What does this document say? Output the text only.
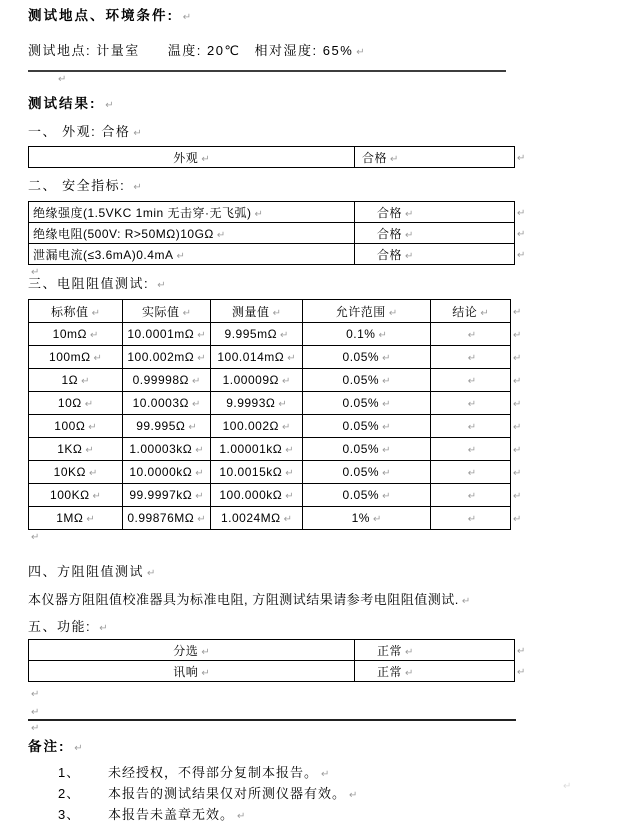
测试地点、环境条件: ↵
测试地点: 计量室 温度: 20℃ 相对湿度: 65% ↵
↵
测试结果: ↵
一、 外观: 合格 ↵
外观 ↵	合格 ↵
↵
二、 安全指标: ↵
绝缘强度(1.5VKC 1min 无击穿·无飞弧) ↵	合格 ↵
绝缘电阻(500V: R>50MΩ)10GΩ ↵	合格 ↵
泄漏电流(≤3.6mA)0.4mA ↵	合格 ↵
↵
↵
↵
↵
三、电阻阻值测试: ↵
标称值 ↵	实际值 ↵	测量值 ↵	允许范围 ↵	结论 ↵
10mΩ ↵	10.0001mΩ ↵	9.995mΩ ↵	0.1% ↵	↵
100mΩ ↵	100.002mΩ ↵	100.014mΩ ↵	0.05% ↵	↵
1Ω ↵	0.99998Ω ↵	1.00009Ω ↵	0.05% ↵	↵
10Ω ↵	10.0003Ω ↵	9.9993Ω ↵	0.05% ↵	↵
100Ω ↵	99.995Ω ↵	100.002Ω ↵	0.05% ↵	↵
1KΩ ↵	1.00003kΩ ↵	1.00001kΩ ↵	0.05% ↵	↵
10KΩ ↵	10.0000kΩ ↵	10.0015kΩ ↵	0.05% ↵	↵
100KΩ ↵	99.9997kΩ ↵	100.000kΩ ↵	0.05% ↵	↵
1MΩ ↵	0.99876MΩ ↵	1.0024MΩ ↵	1% ↵	↵
↵
↵
↵
↵
↵
↵
↵
↵
↵
↵
↵
四、方阻阻值测试 ↵
本仪器方阻阻值校准器具为标准电阻, 方阻测试结果请参考电阻阻值测试. ↵
五、功能: ↵
分选 ↵	正常 ↵
讯响 ↵	正常 ↵
↵
↵
↵
↵
↵
备注: ↵
1、	未经授权，不得部分复制本报告。 ↵
2、	本报告的测试结果仅对所测仪器有效。 ↵
3、	本报告未盖章无效。 ↵
↵
